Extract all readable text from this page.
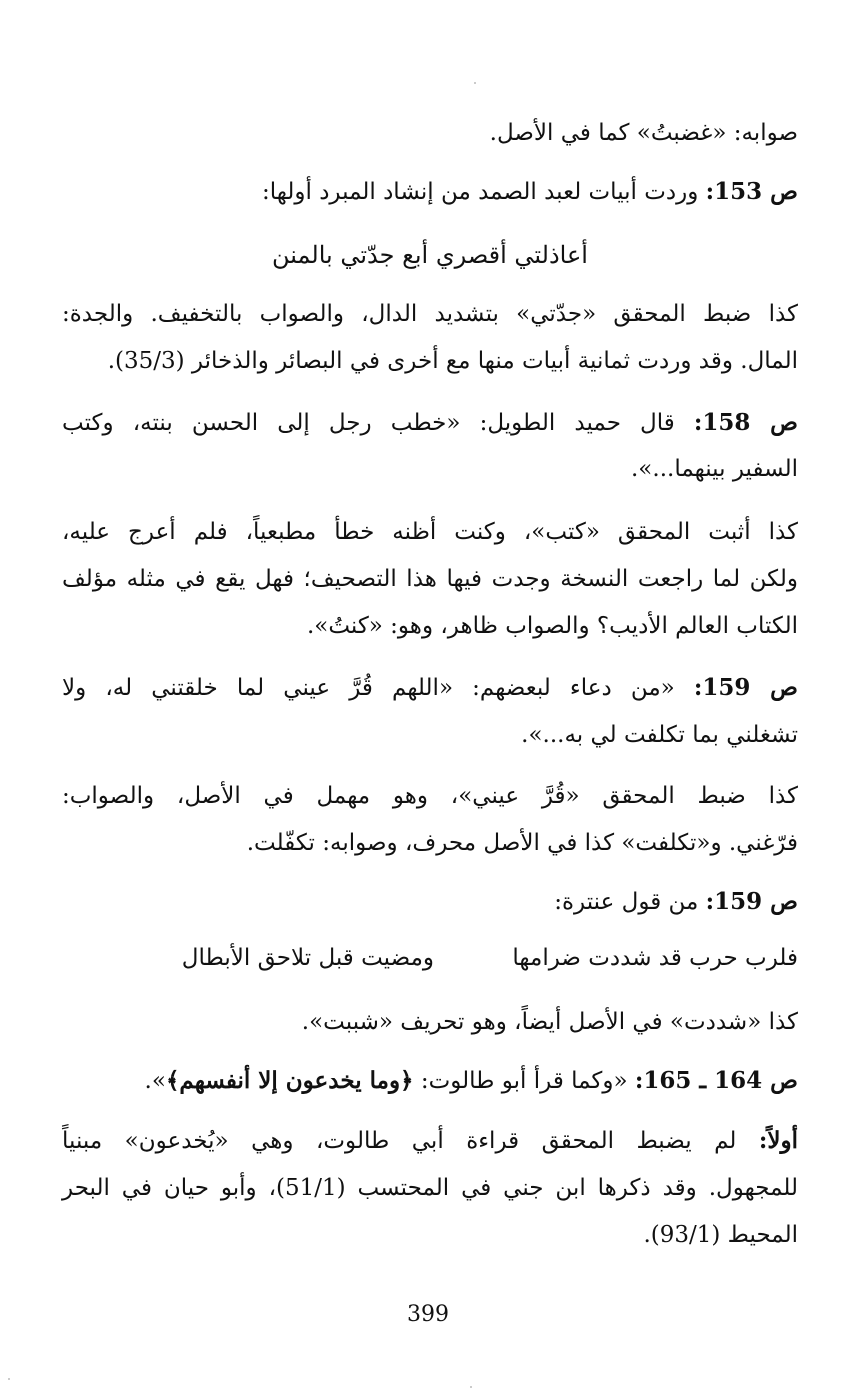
صوابه: «غضبتُ» كما في الأصل.
ص 153: وردت أبيات لعبد الصمد من إنشاد المبرد أولها:
أعاذلتي أقصري أبع جدّتي بالمنن
كذا ضبط المحقق «جدّتي» بتشديد الدال، والصواب بالتخفيف. والجدة:
المال. وقد وردت ثمانية أبيات منها مع أخرى في البصائر والذخائر (35/3).
ص 158: قال حميد الطويل: «خطب رجل إلى الحسن بنته، وكتب
السفير بينهما...».
كذا أثبت المحقق «كتب»، وكنت أظنه خطأ مطبعياً، فلم أعرج عليه،
ولكن لما راجعت النسخة وجدت فيها هذا التصحيف؛ فهل يقع في مثله مؤلف
الكتاب العالم الأديب؟ والصواب ظاهر، وهو: «كنتُ».
ص 159: «من دعاء لبعضهم: «اللهم قُرَّ عيني لما خلقتني له، ولا
تشغلني بما تكلفت لي به...».
كذا ضبط المحقق «قُرَّ عيني»، وهو مهمل في الأصل، والصواب:
فرّغني. و«تكلفت» كذا في الأصل محرف، وصوابه: تكفّلت.
ص 159: من قول عنترة:
فلرب حرب قد شددت ضرامها
ومضيت قبل تلاحق الأبطال
كذا «شددت» في الأصل أيضاً، وهو تحريف «شببت».
ص 164 ـ 165: «وكما قرأ أبو طالوت: ﴿وما يخدعون إلا أنفسهم﴾».
أولاً: لم يضبط المحقق قراءة أبي طالوت، وهي «يُخدعون» مبنياً
للمجهول. وقد ذكرها ابن جني في المحتسب (51/1)، وأبو حيان في البحر
المحيط (93/1).
399
